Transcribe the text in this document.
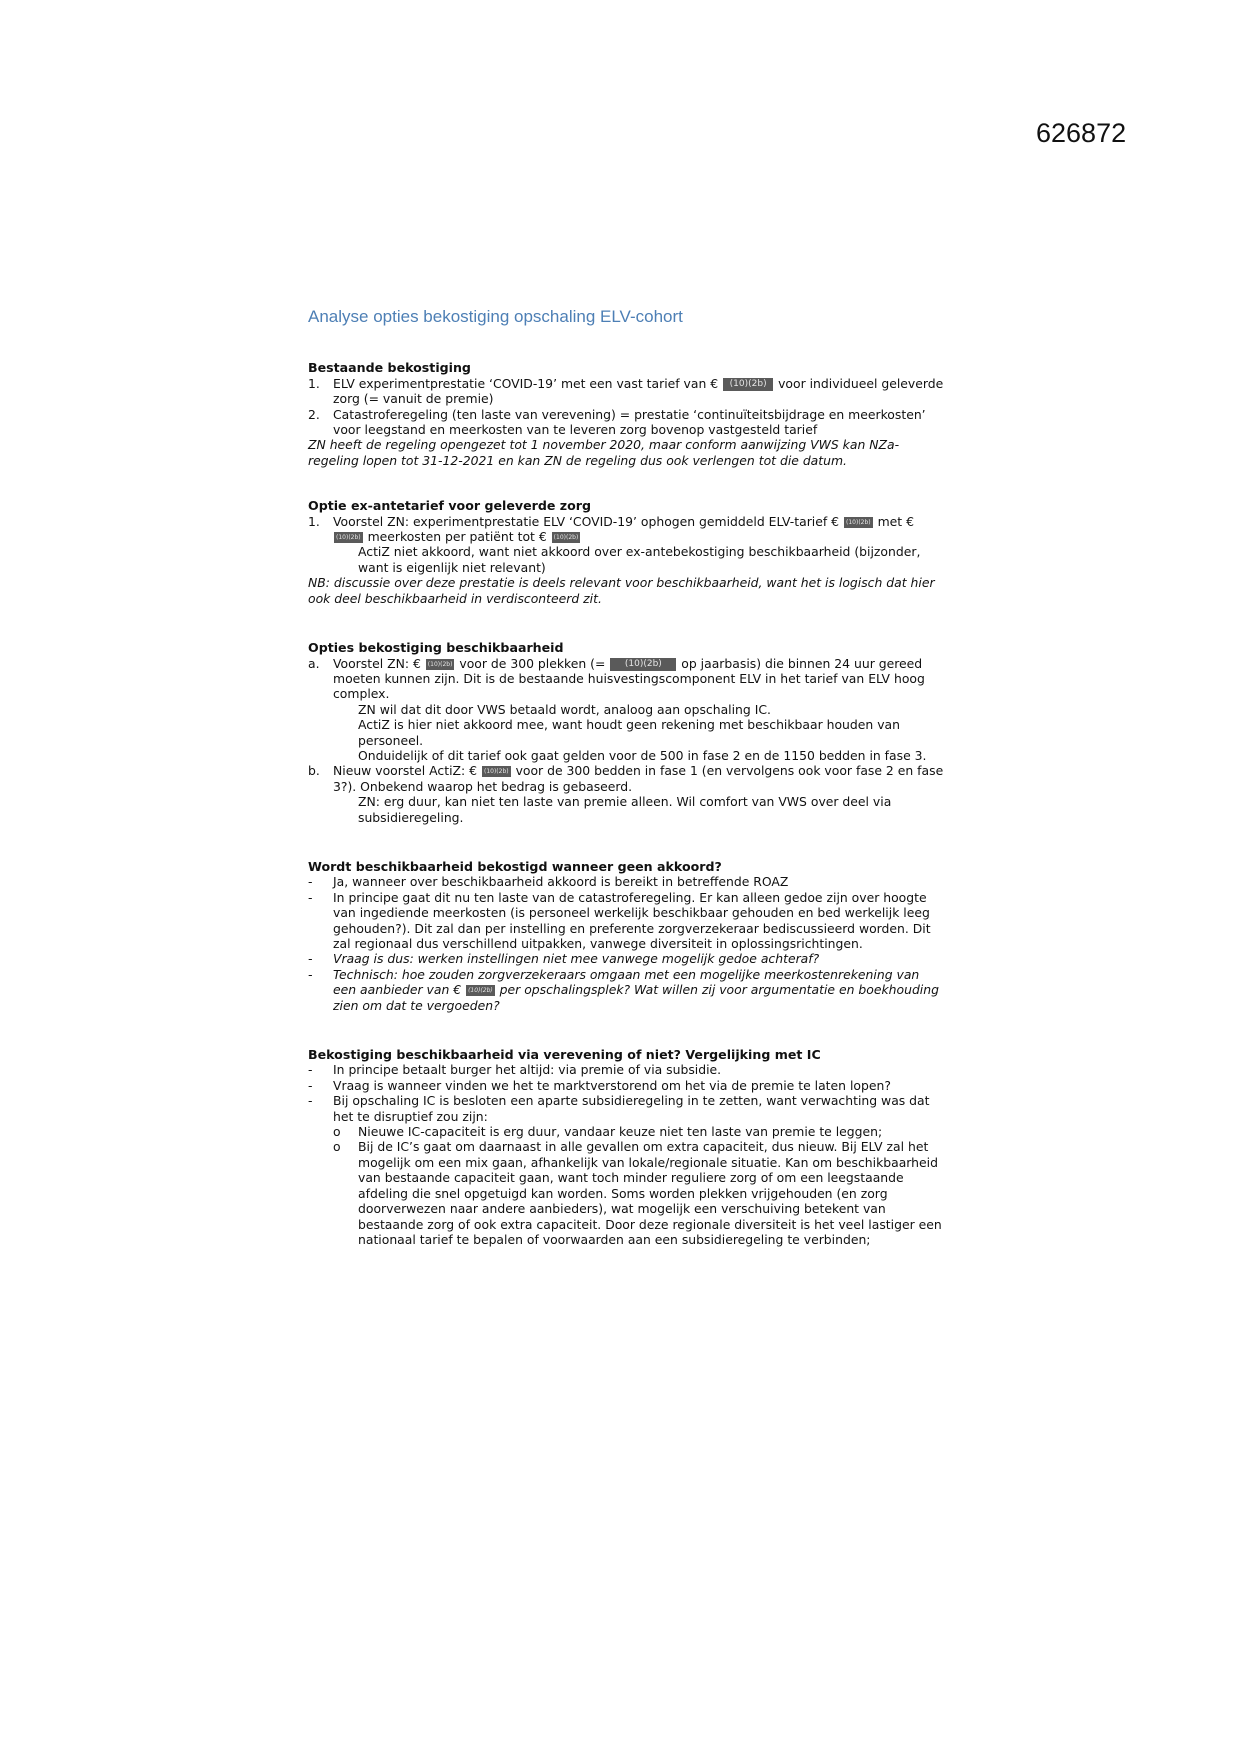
626872
Analyse opties bekostiging opschaling ELV-cohort
Bestaande bekostiging
1. ELV experimentprestatie ‘COVID-19’ met een vast tarief van € (10)(2b) voor individueel geleverde zorg (= vanuit de premie)
2. Catastroferegeling (ten laste van verevening) = prestatie ‘continuïteitsbijdrage en meerkosten’ voor leegstand en meerkosten van te leveren zorg bovenop vastgesteld tarief
ZN heeft de regeling opengezet tot 1 november 2020, maar conform aanwijzing VWS kan NZa-regeling lopen tot 31-12-2021 en kan ZN de regeling dus ook verlengen tot die datum.
Optie ex-antetarief voor geleverde zorg
1. Voorstel ZN: experimentprestatie ELV ‘COVID-19’ ophogen gemiddeld ELV-tarief € (10)(2b) met € (10)(2b) meerkosten per patiënt tot € (10)(2b)
ActiZ niet akkoord, want niet akkoord over ex-antebekostiging beschikbaarheid (bijzonder, want is eigenlijk niet relevant)
NB: discussie over deze prestatie is deels relevant voor beschikbaarheid, want het is logisch dat hier ook deel beschikbaarheid in verdisconteerd zit.
Opties bekostiging beschikbaarheid
a. Voorstel ZN: € (10)(2b) voor de 300 plekken (= (10)(2b) op jaarbasis) die binnen 24 uur gereed moeten kunnen zijn. Dit is de bestaande huisvestingscomponent ELV in het tarief van ELV hoog complex.
ZN wil dat dit door VWS betaald wordt, analoog aan opschaling IC.
ActiZ is hier niet akkoord mee, want houdt geen rekening met beschikbaar houden van personeel.
Onduidelijk of dit tarief ook gaat gelden voor de 500 in fase 2 en de 1150 bedden in fase 3.
b. Nieuw voorstel ActiZ: € (10)(2b) voor de 300 bedden in fase 1 (en vervolgens ook voor fase 2 en fase 3?). Onbekend waarop het bedrag is gebaseerd.
ZN: erg duur, kan niet ten laste van premie alleen. Wil comfort van VWS over deel via subsidieregeling.
Wordt beschikbaarheid bekostigd wanneer geen akkoord?
- Ja, wanneer over beschikbaarheid akkoord is bereikt in betreffende ROAZ
- In principe gaat dit nu ten laste van de catastroferegeling. Er kan alleen gedoe zijn over hoogte van ingediende meerkosten (is personeel werkelijk beschikbaar gehouden en bed werkelijk leeg gehouden?). Dit zal dan per instelling en preferente zorgverzekeraar bediscussieerd worden. Dit zal regionaal dus verschillend uitpakken, vanwege diversiteit in oplossingsrichtingen.
- Vraag is dus: werken instellingen niet mee vanwege mogelijk gedoe achteraf?
- Technisch: hoe zouden zorgverzekeraars omgaan met een mogelijke meerkostenrekening van een aanbieder van € (10)(2b) per opschalingsplek? Wat willen zij voor argumentatie en boekhouding zien om dat te vergoeden?
Bekostiging beschikbaarheid via verevening of niet? Vergelijking met IC
- In principe betaalt burger het altijd: via premie of via subsidie.
- Vraag is wanneer vinden we het te marktverstorend om het via de premie te laten lopen?
- Bij opschaling IC is besloten een aparte subsidieregeling in te zetten, want verwachting was dat het te disruptief zou zijn:
o Nieuwe IC-capaciteit is erg duur, vandaar keuze niet ten laste van premie te leggen;
o Bij de IC’s gaat om daarnaast in alle gevallen om extra capaciteit, dus nieuw. Bij ELV zal het mogelijk om een mix gaan, afhankelijk van lokale/regionale situatie. Kan om beschikbaarheid van bestaande capaciteit gaan, want toch minder reguliere zorg of om een leegstaande afdeling die snel opgetuigd kan worden. Soms worden plekken vrijgehouden (en zorg doorverwezen naar andere aanbieders), wat mogelijk een verschuiving betekent van bestaande zorg of ook extra capaciteit. Door deze regionale diversiteit is het veel lastiger een nationaal tarief te bepalen of voorwaarden aan een subsidieregeling te verbinden;
